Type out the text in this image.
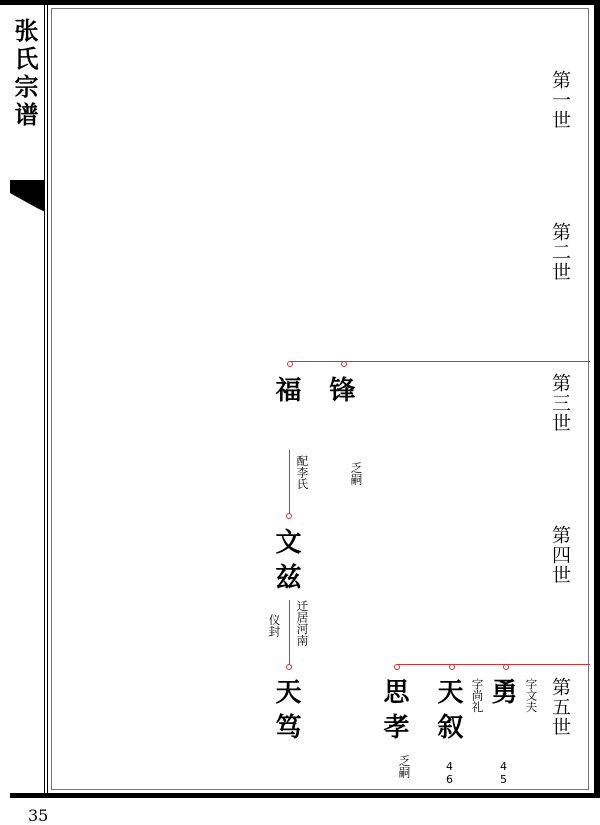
张氏宗谱	第一世
第二世
第三世
第四世
第五世
福 锋
配李氏	乏嗣
文兹
迁居河南
仪封
天笃	思孝 天叙 勇
字尚礼	字文夫
乏嗣	46	45
35
